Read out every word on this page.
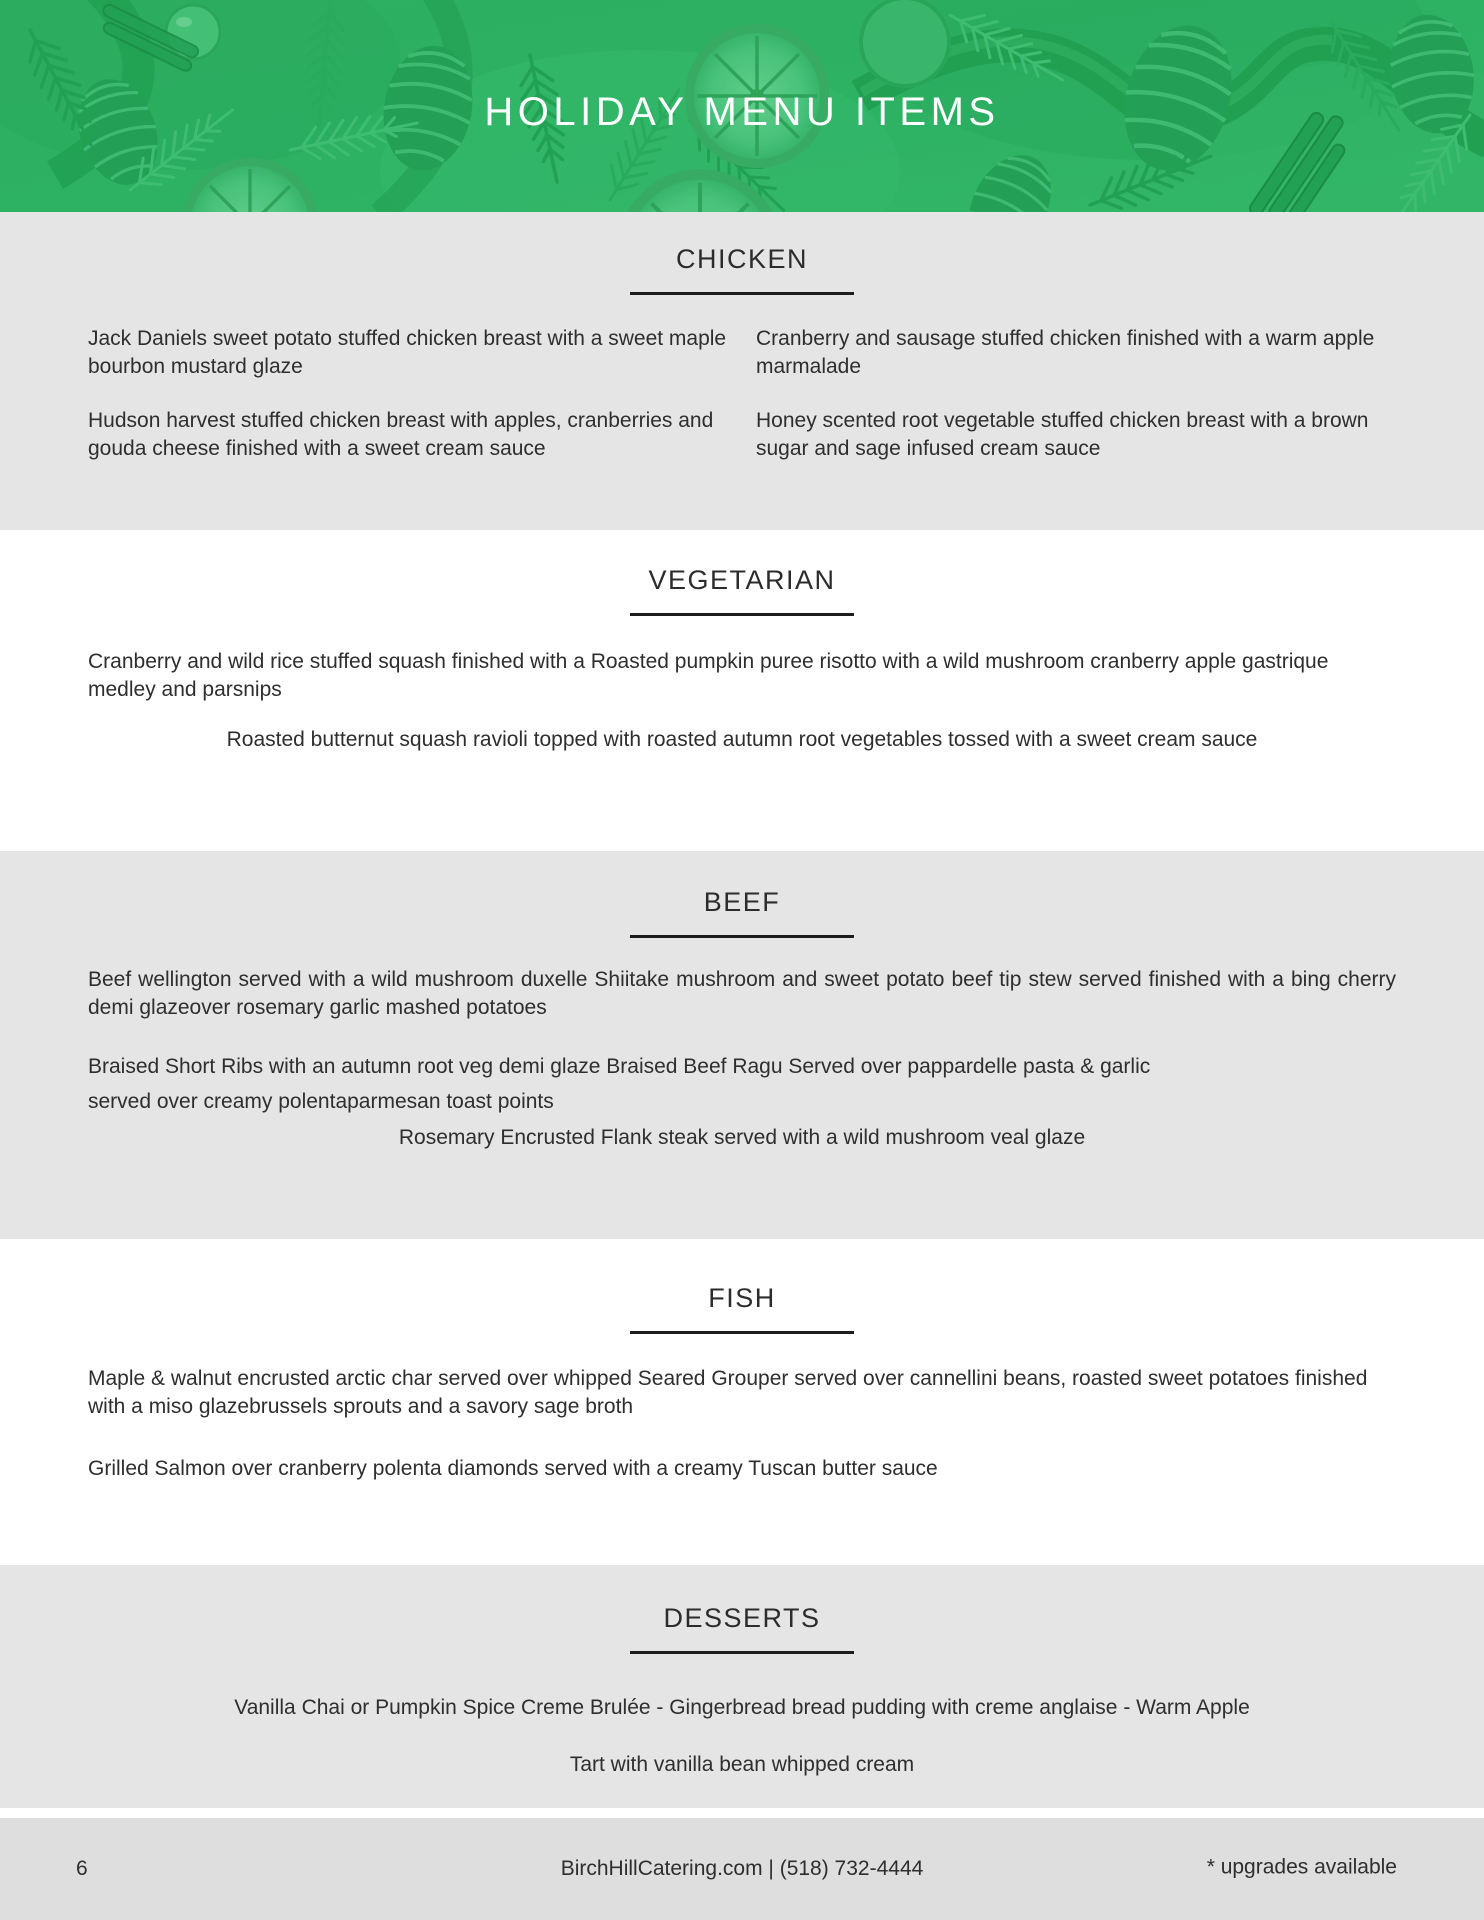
HOLIDAY MENU ITEMS
CHICKEN

Jack Daniels sweet potato stuffed chicken breast with a sweet maple bourbon mustard glaze

Hudson harvest stuffed chicken breast with apples, cranberries and gouda cheese finished with a sweet cream sauce

Cranberry and sausage stuffed chicken finished with a warm apple marmalade

Honey scented root vegetable stuffed chicken breast with a brown sugar and sage infused cream sauce

VEGETARIAN

Cranberry and wild rice stuffed squash finished with a Roasted pumpkin puree risotto with a wild mushroom cranberry apple gastrique medley and parsnips

Roasted butternut squash ravioli topped with roasted autumn root vegetables tossed with a sweet cream sauce

BEEF

Beef wellington served with a wild mushroom duxelle Shiitake mushroom and sweet potato beef tip stew served finished with a bing cherry demi glazeover rosemary garlic mashed potatoes

Braised Short Ribs with an autumn root veg demi glaze Braised Beef Ragu Served over pappardelle pasta & garlic

served over creamy polentaparmesan toast points

Rosemary Encrusted Flank steak served with a wild mushroom veal glaze

FISH

Maple & walnut encrusted arctic char served over whipped Seared Grouper served over cannellini beans, roasted sweet potatoes finished with a miso glazebrussels sprouts and a savory sage broth

Grilled Salmon over cranberry polenta diamonds served with a creamy Tuscan butter sauce

DESSERTS

Vanilla Chai or Pumpkin Spice Creme Brulée - Gingerbread bread pudding with creme anglaise - Warm Apple

Tart with vanilla bean whipped cream

6	BirchHillCatering.com | (518) 732-4444	* upgrades available
